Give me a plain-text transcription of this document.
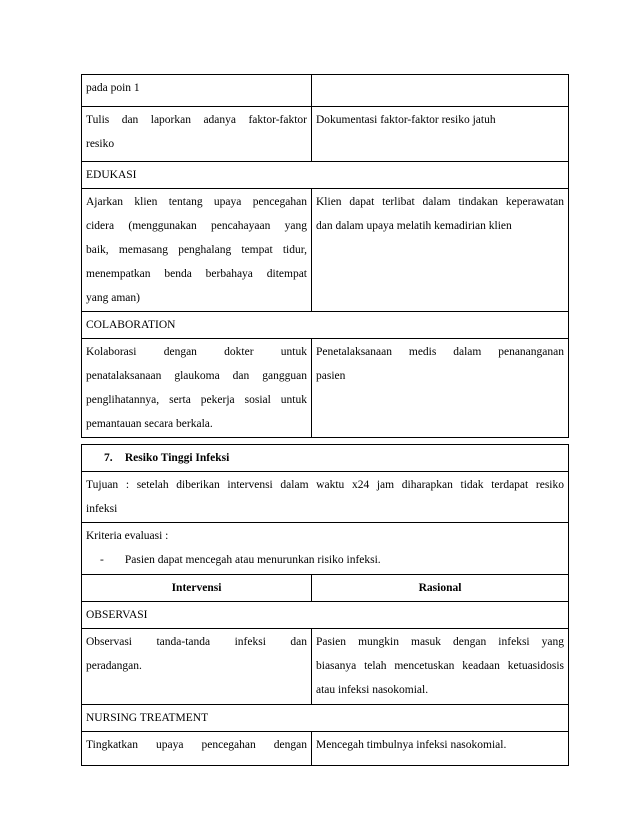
pada poin 1	

Tulis dan laporkan adanya faktor-faktor
resiko	Dokumentasi faktor-faktor resiko jatuh

EDUKASI	

Ajarkan klien tentang upaya pencegahan
cidera (menggunakan pencahayaan yang
baik, memasang penghalang tempat tidur,
menempatkan benda berbahaya ditempat
yang aman)	Klien dapat terlibat dalam tindakan keperawatan
dan dalam upaya melatih kemadirian klien

COLABORATION	

Kolaborasi dengan dokter untuk
penatalaksanaan glaukoma dan gangguan
penglihatannya, serta pekerja sosial untuk
pemantauan secara berkala.	Penetalaksanaan medis dalam penananganan
pasien
7. Resiko Tinggi Infeksi	

Tujuan : setelah diberikan intervensi dalam waktu x24 jam diharapkan tidak terdapat resiko
infeksi	

Kriteria evaluasi :
- Pasien dapat mencegah atau menurunkan risiko infeksi.	

Intervensi	Rasional
OBSERVASI	

Observasi tanda-tanda infeksi dan
peradangan.	Pasien mungkin masuk dengan infeksi yang
biasanya telah mencetuskan keadaan ketuasidosis
atau infeksi nasokomial.

NURSING TREATMENT	

Tingkatkan upaya pencegahan dengan	Mencegah timbulnya infeksi nasokomial.
